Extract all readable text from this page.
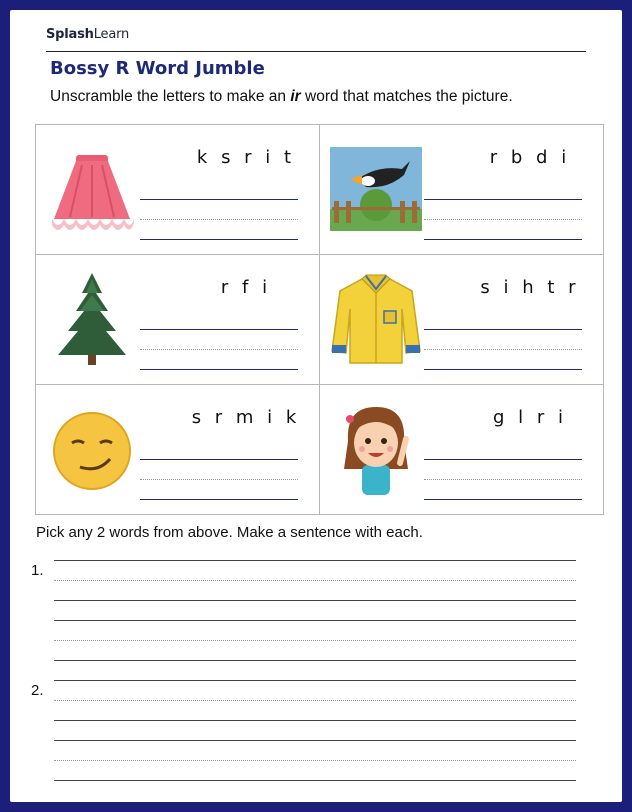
SplashLearn
Bossy R Word Jumble
Unscramble the letters to make an ir word that matches the picture.
k s r i t	r b d i
r f i	s i h t r
s r m i k	g l r i
Pick any 2 words from above. Make a sentence with each.
1.
2.
